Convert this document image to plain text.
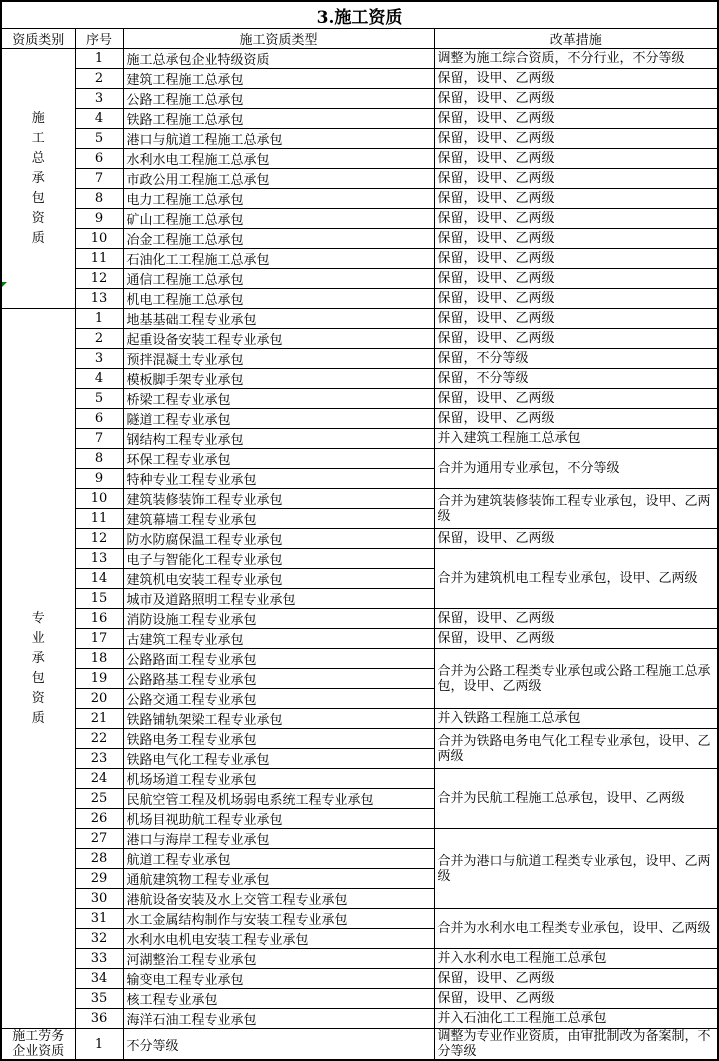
3.施工资质			
资质类别	序号	施工资质类型	改革措施
施工总承包资质	1	施工总承包企业特级资质	调整为施工综合资质，不分行业，不分等级
	2	建筑工程施工总承包	保留，设甲、乙两级
	3	公路工程施工总承包	保留，设甲、乙两级
	4	铁路工程施工总承包	保留，设甲、乙两级
	5	港口与航道工程施工总承包	保留，设甲、乙两级
	6	水利水电工程施工总承包	保留，设甲、乙两级
	7	市政公用工程施工总承包	保留，设甲、乙两级
	8	电力工程施工总承包	保留，设甲、乙两级
	9	矿山工程施工总承包	保留，设甲、乙两级
	10	冶金工程施工总承包	保留，设甲、乙两级
	11	石油化工工程施工总承包	保留，设甲、乙两级
	12	通信工程施工总承包	保留，设甲、乙两级
	13	机电工程施工总承包	保留，设甲、乙两级
专业承包资质	1	地基基础工程专业承包	保留，设甲、乙两级
	2	起重设备安装工程专业承包	保留，设甲、乙两级
	3	预拌混凝土专业承包	保留，不分等级
	4	模板脚手架专业承包	保留，不分等级
	5	桥梁工程专业承包	保留，设甲、乙两级
	6	隧道工程专业承包	保留，设甲、乙两级
	7	钢结构工程专业承包	并入建筑工程施工总承包
	8	环保工程专业承包	合并为通用专业承包，不分等级
	9	特种专业工程专业承包	
	10	建筑装修装饰工程专业承包	合并为建筑装修装饰工程专业承包，设甲、乙两级
	11	建筑幕墙工程专业承包	
	12	防水防腐保温工程专业承包	保留，设甲、乙两级
	13	电子与智能化工程专业承包	合并为建筑机电工程专业承包，设甲、乙两级
	14	建筑机电安装工程专业承包	
	15	城市及道路照明工程专业承包	
	16	消防设施工程专业承包	保留，设甲、乙两级
	17	古建筑工程专业承包	保留，设甲、乙两级
	18	公路路面工程专业承包	合并为公路工程类专业承包或公路工程施工总承包，设甲、乙两级
	19	公路路基工程专业承包	
	20	公路交通工程专业承包	
	21	铁路铺轨架梁工程专业承包	并入铁路工程施工总承包
	22	铁路电务工程专业承包	合并为铁路电务电气化工程专业承包，设甲、乙两级
	23	铁路电气化工程专业承包	
	24	机场场道工程专业承包	合并为民航工程施工总承包，设甲、乙两级
	25	民航空管工程及机场弱电系统工程专业承包	
	26	机场目视助航工程专业承包	
	27	港口与海岸工程专业承包	合并为港口与航道工程类专业承包，设甲、乙两级
	28	航道工程专业承包	
	29	通航建筑物工程专业承包	
	30	港航设备安装及水上交管工程专业承包	
	31	水工金属结构制作与安装工程专业承包	合并为水利水电工程类专业承包，设甲、乙两级
	32	水利水电机电安装工程专业承包	
	33	河湖整治工程专业承包	并入水利水电工程施工总承包
	34	输变电工程专业承包	保留，设甲、乙两级
	35	核工程专业承包	保留，设甲、乙两级
	36	海洋石油工程专业承包	并入石油化工工程施工总承包
施工劳务企业资质	1	不分等级	调整为专业作业资质，由审批制改为备案制，不分等级
